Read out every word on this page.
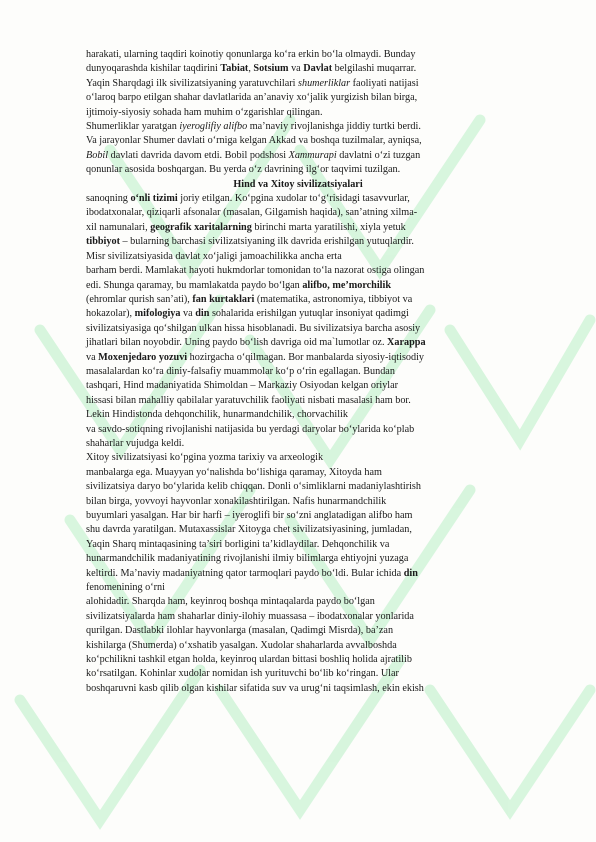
harakati, ularning taqdiri koinotiy qonunlarga ko‘ra erkin bo‘la olmaydi. Bunday

dunyoqarashda kishilar taqdirini Tabiat, Sotsium va Davlat belgilashi muqarrar.

Yaqin Sharqdagi ilk sivilizatsiyaning yaratuvchilari shumerliklar faoliyati natijasi

o‘laroq barpo etilgan shahar davlatlarida an’anaviy xo‘jalik yurgizish bilan birga,

ijtimoiy-siyosiy sohada ham muhim o‘zgarishlar qilingan.

Shumerliklar yaratgan iyeroglifiy alifbo ma’naviy rivojlanishga jiddiy turtki berdi.

Va jarayonlar Shumer davlati o‘rniga kelgan Akkad va boshqa tuzilmalar, ayniqsa,

Bobil davlati davrida davom etdi. Bobil podshosi Xammurapi davlatni o‘zi tuzgan

qonunlar asosida boshqargan. Bu yerda o‘z davrining ilg‘or taqvimi tuzilgan.

Hind va Xitoy sivilizatsiyalari

sanoqning o‘nli tizimi joriy etilgan. Ko‘pgina xudolar to‘g‘risidagi tasavvurlar,

ibodatxonalar, qiziqarli afsonalar (masalan, Gilgamish haqida), san’atning xilma-

xil namunalari, geografik xaritalarning birinchi marta yaratilishi, xiyla yetuk

tibbiyot – bularning barchasi sivilizatsiyaning ilk davrida erishilgan yutuqlardir.

Misr sivilizatsiyasida davlat xo‘jaligi jamoachilikka ancha erta

barham berdi. Mamlakat hayoti hukmdorlar tomonidan to‘la nazorat ostiga olingan

edi. Shunga qaramay, bu mamlakatda paydo bo‘lgan alifbo, me’morchilik

(ehromlar qurish san’ati), fan kurtaklari (matematika, astronomiya, tibbiyot va

hokazolar), mifologiya va din sohalarida erishilgan yutuqlar insoniyat qadimgi

sivilizatsiyasiga qo‘shilgan ulkan hissa hisoblanadi. Bu sivilizatsiya barcha asosiy

jihatlari bilan noyobdir. Uning paydo bo‘lish davriga oid ma`lumotlar oz. Xarappa

va Moxenjedaro yozuvi hozirgacha o‘qilmagan. Bor manbalarda siyosiy-iqtisodiy

masalalardan ko‘ra diniy-falsafiy muammolar ko‘p o‘rin egallagan. Bundan

tashqari, Hind madaniyatida Shimoldan – Markaziy Osiyodan kelgan oriylar

hissasi bilan mahalliy qabilalar yaratuvchilik faoliyati nisbati masalasi ham bor.

Lekin Hindistonda dehqonchilik, hunarmandchilik, chorvachilik

va savdo-sotiqning rivojlanishi natijasida bu yerdagi daryolar bo‘ylarida ko‘plab

shaharlar vujudga keldi.

Xitoy sivilizatsiyasi ko‘pgina yozma tarixiy va arxeologik

manbalarga ega. Muayyan yo‘nalishda bo‘lishiga qaramay, Xitoyda ham

sivilizatsiya daryo bo‘ylarida kelib chiqqan. Donli o‘simliklarni madaniylashtirish

bilan birga, yovvoyi hayvonlar xonakilashtirilgan. Nafis hunarmandchilik

buyumlari yasalgan. Har bir harfi – iyeroglifi bir so‘zni anglatadigan alifbo ham

shu davrda yaratilgan. Mutaxassislar Xitoyga chet sivilizatsiyasining, jumladan,

Yaqin Sharq mintaqasining ta’siri borligini ta’kidlaydilar. Dehqonchilik va

hunarmandchilik madaniyatining rivojlanishi ilmiy bilimlarga ehtiyojni yuzaga

keltirdi. Ma’naviy madaniyatning qator tarmoqlari paydo bo‘ldi. Bular ichida din

fenomenining o‘rni

alohidadir. Sharqda ham, keyinroq boshqa mintaqalarda paydo bo‘lgan

sivilizatsiyalarda ham shaharlar diniy-ilohiy muassasa – ibodatxonalar yonlarida

qurilgan. Dastlabki ilohlar hayvonlarga (masalan, Qadimgi Misrda), ba’zan

kishilarga (Shumerda) o‘xshatib yasalgan. Xudolar shaharlarda avvalboshda

ko‘pchilikni tashkil etgan holda, keyinroq ulardan bittasi boshliq holida ajratilib

ko‘rsatilgan. Kohinlar xudolar nomidan ish yurituvchi bo‘lib ko‘ringan. Ular

boshqaruvni kasb qilib olgan kishilar sifatida suv va urug‘ni taqsimlash, ekin ekish
